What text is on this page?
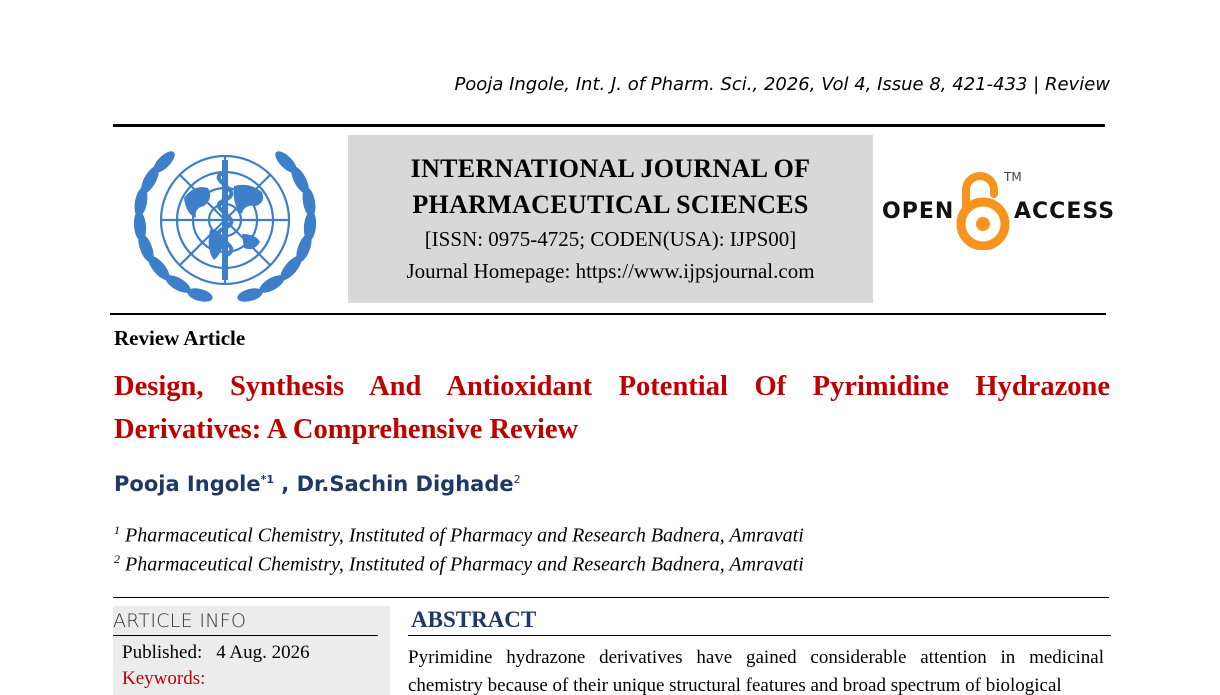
Pooja Ingole, Int. J. of Pharm. Sci., 2026, Vol 4, Issue 8, 421-433 | Review
INTERNATIONAL JOURNAL OF
PHARMACEUTICAL SCIENCES
[ISSN: 0975-4725; CODEN(USA): IJPS00]
Journal Homepage: https://www.ijpsjournal.com
OPEN
TM
ACCESS
Review Article
Design, Synthesis And Antioxidant Potential Of Pyrimidine Hydrazone Derivatives: A Comprehensive Review
Pooja Ingole$^{*1}$ , Dr.Sachin Dighade$^2$
$^1$ Pharmaceutical Chemistry, Instituted of Pharmacy and Research Badnera, Amravati
$^2$ Pharmaceutical Chemistry, Instituted of Pharmacy and Research Badnera, Amravati
ARTICLE INFO
Published: 4 Aug. 2026
Keywords:
ABSTRACT
Pyrimidine hydrazone derivatives have gained considerable attention in medicinal chemistry because of their unique structural features and broad spectrum of biological
